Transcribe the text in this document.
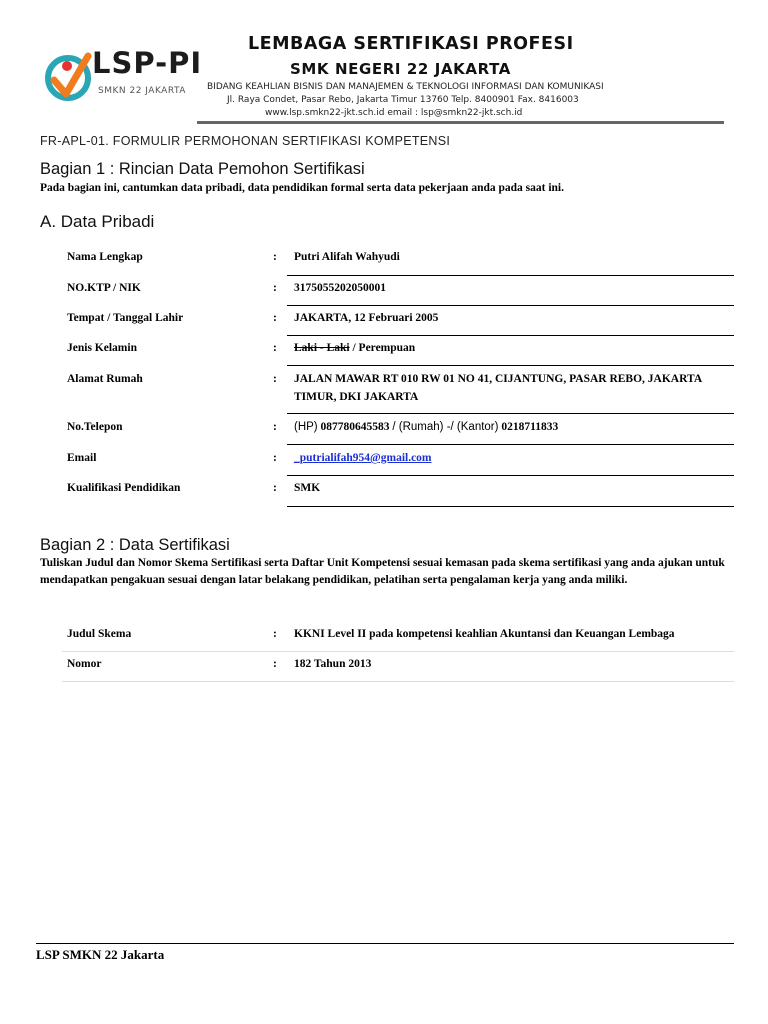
LSP-PI
SMKN 22 JAKARTA
LEMBAGA SERTIFIKASI PROFESI
SMK NEGERI 22 JAKARTA
BIDANG KEAHLIAN BISNIS DAN MANAJEMEN & TEKNOLOGI INFORMASI DAN KOMUNIKASI
Jl. Raya Condet, Pasar Rebo, Jakarta Timur 13760 Telp. 8400901 Fax. 8416003
www.lsp.smkn22-jkt.sch.id email : lsp@smkn22-jkt.sch.id
FR-APL-01. FORMULIR PERMOHONAN SERTIFIKASI KOMPETENSI
Bagian 1 : Rincian Data Pemohon Sertifikasi
Pada bagian ini, cantumkan data pribadi, data pendidikan formal serta data pekerjaan anda pada saat ini.
A. Data Pribadi
Nama Lengkap	: Putri Alifah Wahyudi
NO.KTP / NIK	: 3175055202050001
Tempat / Tanggal Lahir	: JAKARTA, 12 Februari 2005
Jenis Kelamin	: Laki - Laki / Perempuan
Alamat Rumah	: JALAN MAWAR RT 010 RW 01 NO 41, CIJANTUNG, PASAR REBO, JAKARTA
TIMUR, DKI JAKARTA
No.Telepon	: (HP) 087780645583 / (Rumah) -/ (Kantor) 0218711833
Email	: _putrialifah954@gmail.com
Kualifikasi Pendidikan	: SMK
Bagian 2 : Data Sertifikasi
Tuliskan Judul dan Nomor Skema Sertifikasi serta Daftar Unit Kompetensi sesuai kemasan pada skema sertifikasi yang anda ajukan untuk mendapatkan pengakuan sesuai dengan latar belakang pendidikan, pelatihan serta pengalaman kerja yang anda miliki.
Judul Skema	: KKNI Level II pada kompetensi keahlian Akuntansi dan Keuangan Lembaga
Nomor	: 182 Tahun 2013
LSP SMKN 22 Jakarta
